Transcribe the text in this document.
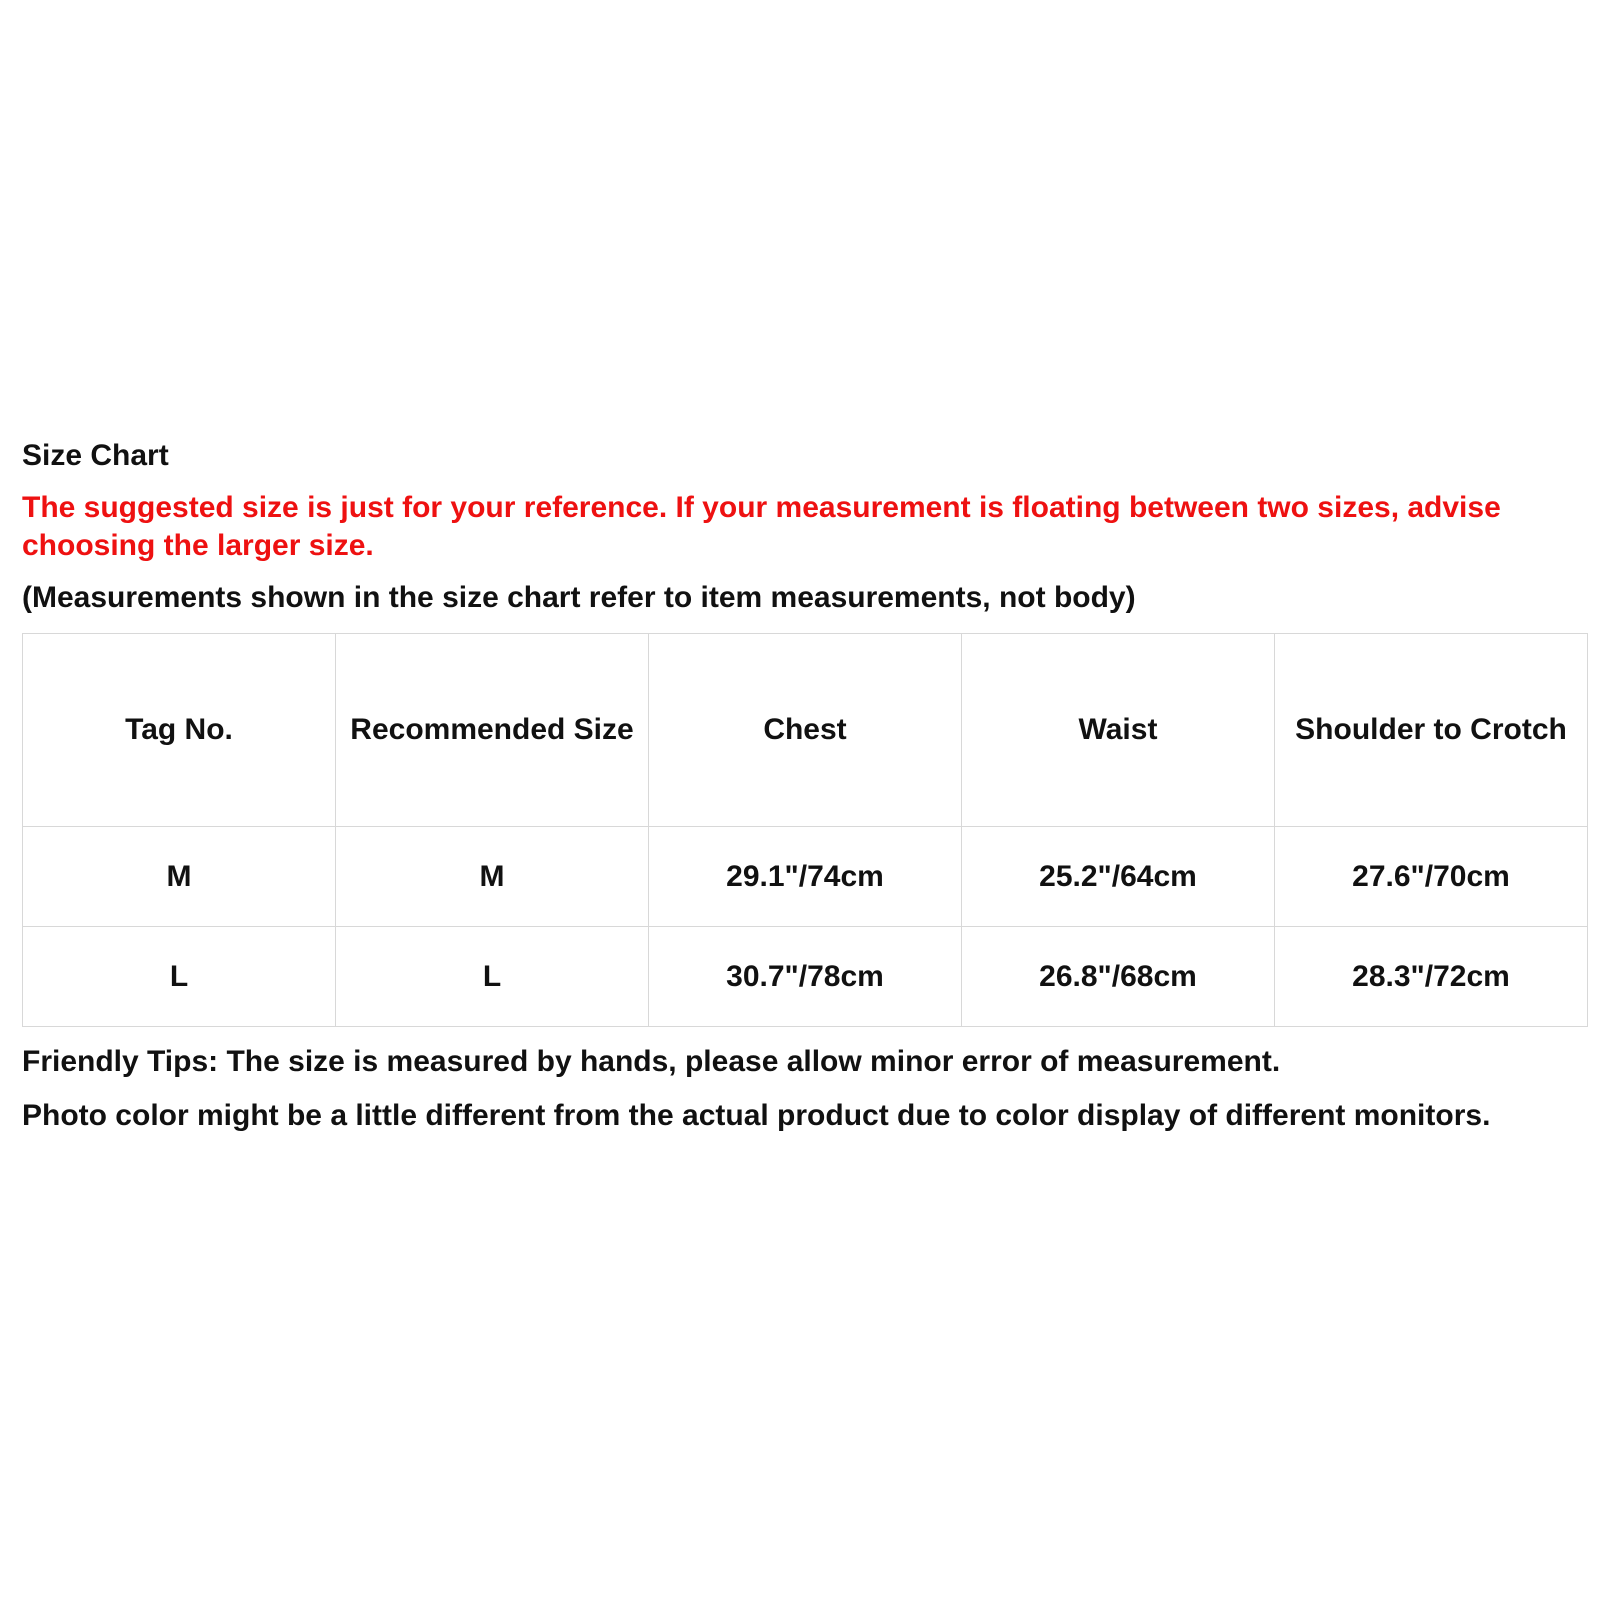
Size Chart
The suggested size is just for your reference. If your measurement is floating between two sizes, advise choosing the larger size.
(Measurements shown in the size chart refer to item measurements, not body)
Tag No.	Recommended Size	Chest	Waist	Shoulder to Crotch
M	M	29.1"/74cm	25.2"/64cm	27.6"/70cm
L	L	30.7"/78cm	26.8"/68cm	28.3"/72cm
Friendly Tips: The size is measured by hands, please allow minor error of measurement.
Photo color might be a little different from the actual product due to color display of different monitors.
